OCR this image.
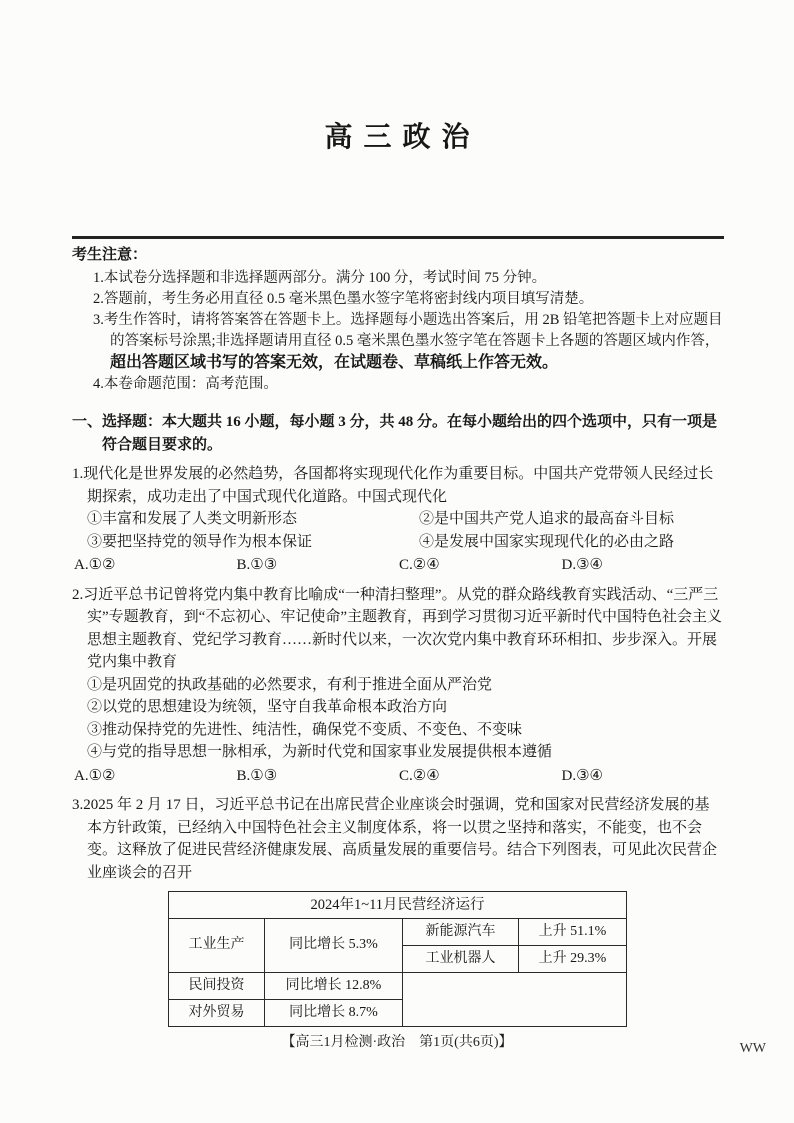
高 三 政 治
考生注意：
1.本试卷分选择题和非选择题两部分。满分 100 分，考试时间 75 分钟。
2.答题前，考生务必用直径 0.5 毫米黑色墨水签字笔将密封线内项目填写清楚。
3.考生作答时，请将答案答在答题卡上。选择题每小题选出答案后，用 2B 铅笔把答题卡上对应题目的答案标号涂黑;非选择题请用直径 0.5 毫米黑色墨水签字笔在答题卡上各题的答题区域内作答，超出答题区域书写的答案无效，在试题卷、草稿纸上作答无效。
4.本卷命题范围：高考范围。
一、选择题：本大题共 16 小题，每小题 3 分，共 48 分。在每小题给出的四个选项中，只有一项是符合题目要求的。
1.现代化是世界发展的必然趋势，各国都将实现现代化作为重要目标。中国共产党带领人民经过长期探索，成功走出了中国式现代化道路。中国式现代化
①丰富和发展了人类文明新形态	②是中国共产党人追求的最高奋斗目标
③要把坚持党的领导作为根本保证	④是发展中国家实现现代化的必由之路
A.①②	B.①③	C.②④	D.③④
2.习近平总书记曾将党内集中教育比喻成“一种清扫整理”。从党的群众路线教育实践活动、“三严三实”专题教育，到“不忘初心、牢记使命”主题教育，再到学习贯彻习近平新时代中国特色社会主义思想主题教育、党纪学习教育……新时代以来，一次次党内集中教育环环相扣、步步深入。开展党内集中教育
①是巩固党的执政基础的必然要求，有利于推进全面从严治党
②以党的思想建设为统领，坚守自我革命根本政治方向
③推动保持党的先进性、纯洁性，确保党不变质、不变色、不变味
④与党的指导思想一脉相承，为新时代党和国家事业发展提供根本遵循
A.①②	B.①③	C.②④	D.③④
3.2025 年 2 月 17 日，习近平总书记在出席民营企业座谈会时强调，党和国家对民营经济发展的基本方针政策，已经纳入中国特色社会主义制度体系，将一以贯之坚持和落实，不能变，也不会变。这释放了促进民营经济健康发展、高质量发展的重要信号。结合下列图表，可见此次民营企业座谈会的召开
2024年1~11月民营经济运行			
工业生产	同比增长 5.3%	新能源汽车	上升 51.1%
		工业机器人	上升 29.3%
民间投资	同比增长 12.8%		
对外贸易	同比增长 8.7%		
【高三1月检测·政治　第1页(共6页)】	WW
